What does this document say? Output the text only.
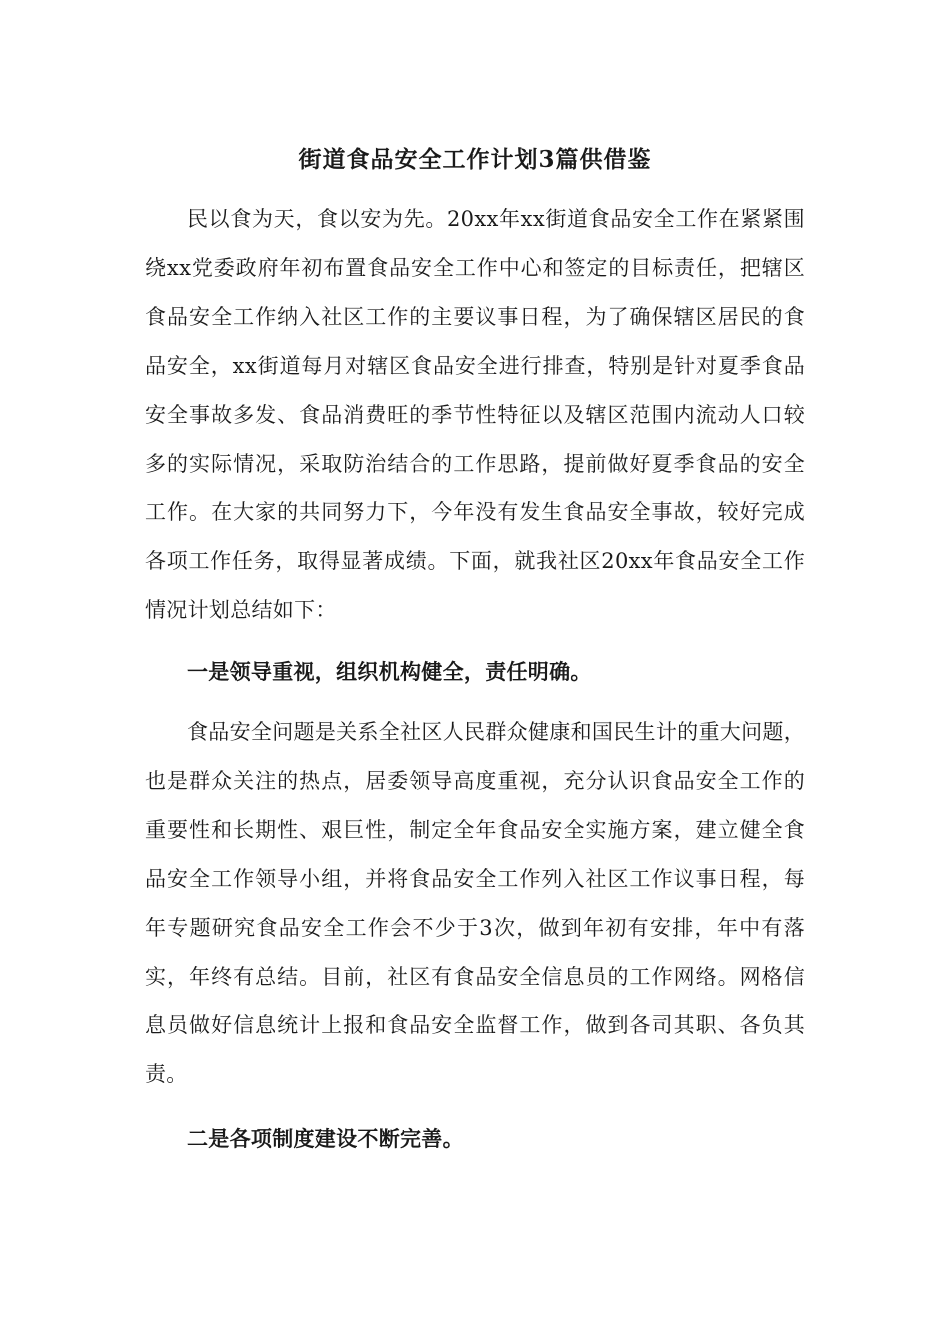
街道食品安全工作计划3篇供借鉴

民以食为天，食以安为先。20xx年xx街道食品安全工作在紧紧围绕xx党委政府年初布置食品安全工作中心和签定的目标责任，把辖区食品安全工作纳入社区工作的主要议事日程，为了确保辖区居民的食品安全，xx街道每月对辖区食品安全进行排查，特别是针对夏季食品安全事故多发、食品消费旺的季节性特征以及辖区范围内流动人口较多的实际情况，采取防治结合的工作思路，提前做好夏季食品的安全工作。在大家的共同努力下，今年没有发生食品安全事故，较好完成各项工作任务，取得显著成绩。下面，就我社区20xx年食品安全工作情况计划总结如下：

一是领导重视，组织机构健全，责任明确。

食品安全问题是关系全社区人民群众健康和国民生计的重大问题，也是群众关注的热点，居委领导高度重视，充分认识食品安全工作的重要性和长期性、艰巨性，制定全年食品安全实施方案，建立健全食品安全工作领导小组，并将食品安全工作列入社区工作议事日程，每年专题研究食品安全工作会不少于3次，做到年初有安排，年中有落实，年终有总结。目前，社区有食品安全信息员的工作网络。网格信息员做好信息统计上报和食品安全监督工作，做到各司其职、各负其责。

二是各项制度建设不断完善。
